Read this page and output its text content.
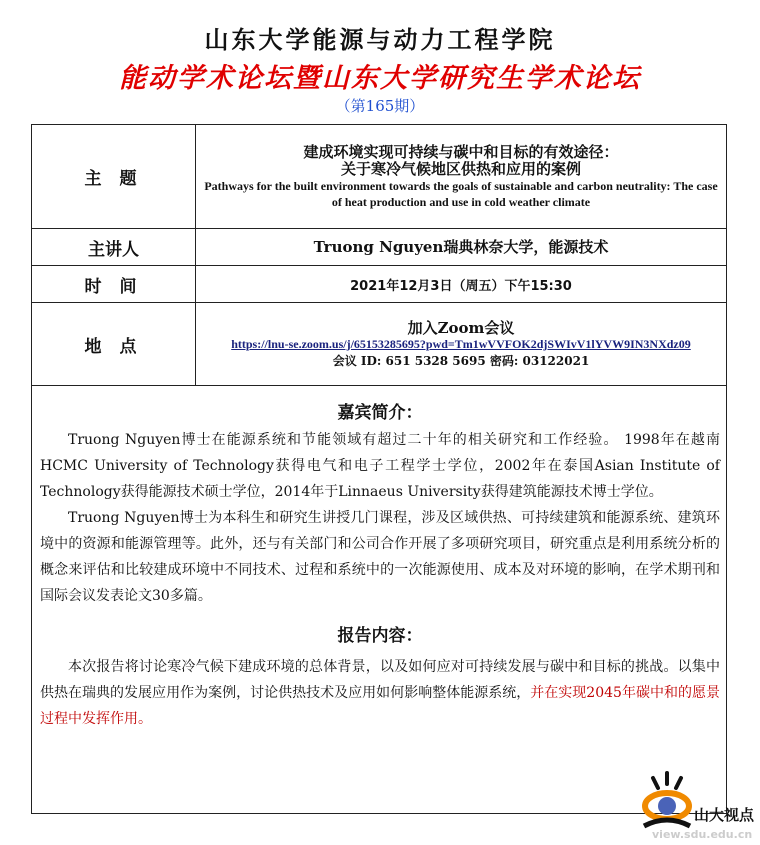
山东大学能源与动力工程学院
能动学术论坛暨山东大学研究生学术论坛
（第165期）
主 题	建成环境实现可持续与碳中和目标的有效途径：
关于寒冷气候地区供热和应用的案例
Pathways for the built environment towards the goals of sustainable and carbon neutrality: The case of heat production and use in cold weather climate

主讲人	Truong Nguyen瑞典林奈大学，能源技术
时 间	2021年12月3日（周五）下午15:30
地 点	加入Zoom会议
https://lnu-se.zoom.us/j/65153285695?pwd=Tm1wVVFOK2djSWIvV1lYVW9IN3NXdz09
会议 ID: 651 5328 5695 密码: 03122021

嘉宾简介：

Truong Nguyen博士在能源系统和节能领域有超过二十年的相关研究和工作经验。 1998年在越南HCMC University of Technology获得电气和电子工程学士学位，2002年在泰国Asian Institute of Technology获得能源技术硕士学位，2014年于Linnaeus University获得建筑能源技术博士学位。

Truong Nguyen博士为本科生和研究生讲授几门课程，涉及区域供热、可持续建筑和能源系统、建筑环境中的资源和能源管理等。此外，还与有关部门和公司合作开展了多项研究项目，研究重点是利用系统分析的概念来评估和比较建成环境中不同技术、过程和系统中的一次能源使用、成本及对环境的影响，在学术期刊和国际会议发表论文30多篇。

报告内容：

本次报告将讨论寒冷气候下建成环境的总体背景，以及如何应对可持续发展与碳中和目标的挑战。以集中供热在瑞典的发展应用作为案例，讨论供热技术及应用如何影响整体能源系统，并在实现2045年碳中和的愿景过程中发挥作用。	

山大视点
view.sdu.edu.cn
